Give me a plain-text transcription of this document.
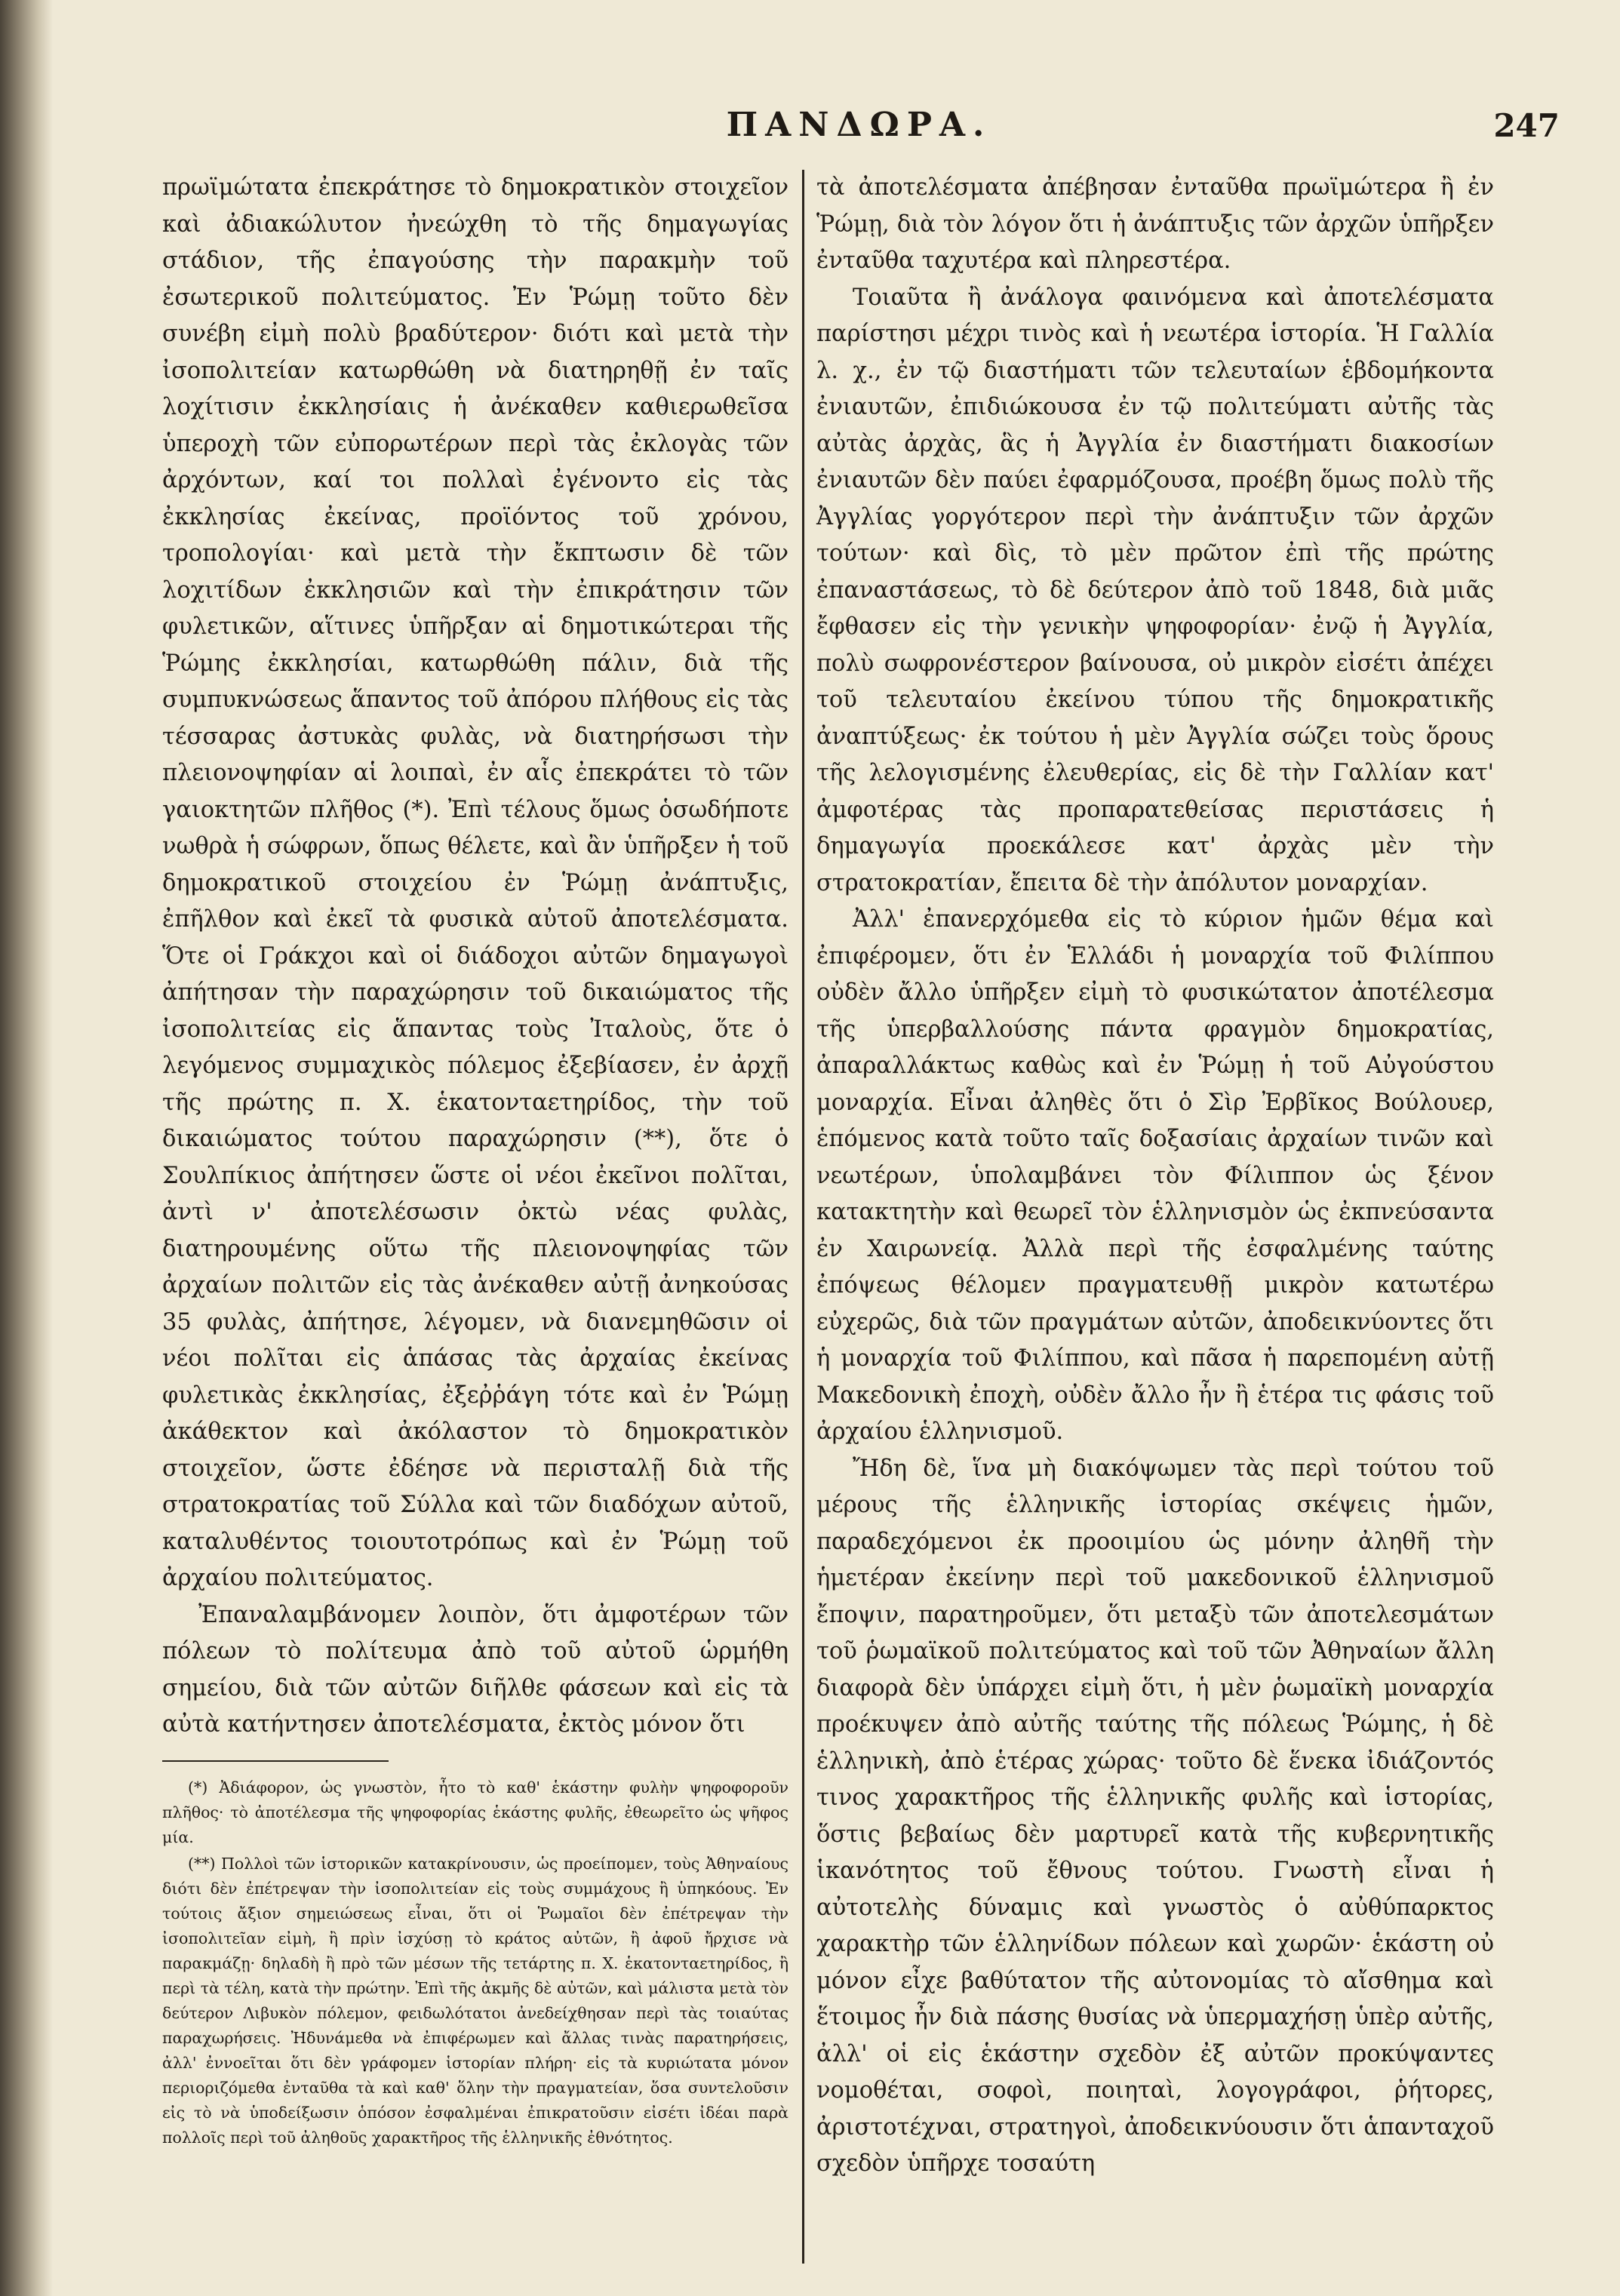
ΠΑΝΔΩΡΑ.	247

πρωϊμώτατα ἐπεκράτησε τὸ δημοκρατικὸν στοιχεῖον καὶ ἀδιακώλυτον ἠνεώχθη τὸ τῆς δημαγωγίας στάδιον, τῆς ἐπαγούσης τὴν παρακμὴν τοῦ ἐσωτερικοῦ πολιτεύματος. Ἐν Ῥώμῃ τοῦτο δὲν συνέβη εἰμὴ πολὺ βραδύτερον· διότι καὶ μετὰ τὴν ἰσοπολιτείαν κατωρθώθη νὰ διατηρηθῇ ἐν ταῖς λοχίτισιν ἐκκλησίαις ἡ ἀνέκαθεν καθιερωθεῖσα ὑπεροχὴ τῶν εὐπορωτέρων περὶ τὰς ἐκλογὰς τῶν ἀρχόντων, καί τοι πολλαὶ ἐγένοντο εἰς τὰς ἐκκλησίας ἐκείνας, προϊόντος τοῦ χρόνου, τροπολογίαι· καὶ μετὰ τὴν ἔκπτωσιν δὲ τῶν λοχιτίδων ἐκκλησιῶν καὶ τὴν ἐπικράτησιν τῶν φυλετικῶν, αἵτινες ὑπῆρξαν αἱ δημοτικώτεραι τῆς Ῥώμης ἐκκλησίαι, κατωρθώθη πάλιν, διὰ τῆς συμπυκνώσεως ἅπαντος τοῦ ἀπόρου πλήθους εἰς τὰς τέσσαρας ἀστυκὰς φυλὰς, νὰ διατηρήσωσι τὴν πλειονοψηφίαν αἱ λοιπαὶ, ἐν αἷς ἐπεκράτει τὸ τῶν γαιοκτητῶν πλῆθος (*). Ἐπὶ τέλους ὅμως ὁσωδήποτε νωθρὰ ἡ σώφρων, ὅπως θέλετε, καὶ ἂν ὑπῆρξεν ἡ τοῦ δημοκρατικοῦ στοιχείου ἐν Ῥώμῃ ἀνάπτυξις, ἐπῆλθον καὶ ἐκεῖ τὰ φυσικὰ αὐτοῦ ἀποτελέσματα. Ὅτε οἱ Γράκχοι καὶ οἱ διάδοχοι αὐτῶν δημαγωγοὶ ἀπήτησαν τὴν παραχώρησιν τοῦ δικαιώματος τῆς ἰσοπολιτείας εἰς ἅπαντας τοὺς Ἰταλοὺς, ὅτε ὁ λεγόμενος συμμαχικὸς πόλεμος ἐξεβίασεν, ἐν ἀρχῇ τῆς πρώτης π. Χ. ἑκατονταετηρίδος, τὴν τοῦ δικαιώματος τούτου παραχώρησιν (**), ὅτε ὁ Σουλπίκιος ἀπήτησεν ὥστε οἱ νέοι ἐκεῖνοι πολῖται, ἀντὶ ν' ἀποτελέσωσιν ὀκτὼ νέας φυλὰς, διατηρουμένης οὕτω τῆς πλειονοψηφίας τῶν ἀρχαίων πολιτῶν εἰς τὰς ἀνέκαθεν αὐτῇ ἀνηκούσας 35 φυλὰς, ἀπήτησε, λέγομεν, νὰ διανεμηθῶσιν οἱ νέοι πολῖται εἰς ἁπάσας τὰς ἀρχαίας ἐκείνας φυλετικὰς ἐκκλησίας, ἐξεῤῥάγη τότε καὶ ἐν Ῥώμῃ ἀκάθεκτον καὶ ἀκόλαστον τὸ δημοκρατικὸν στοιχεῖον, ὥστε ἐδέησε νὰ περισταλῇ διὰ τῆς στρατοκρατίας τοῦ Σύλλα καὶ τῶν διαδόχων αὐτοῦ, καταλυθέντος τοιουτοτρόπως καὶ ἐν Ῥώμῃ τοῦ ἀρχαίου πολιτεύματος.

Ἐπαναλαμβάνομεν λοιπὸν, ὅτι ἀμφοτέρων τῶν πόλεων τὸ πολίτευμα ἀπὸ τοῦ αὐτοῦ ὡρμήθη σημείου, διὰ τῶν αὐτῶν διῆλθε φάσεων καὶ εἰς τὰ αὐτὰ κατήντησεν ἀποτελέσματα, ἐκτὸς μόνον ὅτι

(*) Ἀδιάφορον, ὡς γνωστὸν, ἦτο τὸ καθ' ἑκάστην φυλὴν ψηφοφοροῦν πλῆθος· τὸ ἀποτέλεσμα τῆς ψηφοφορίας ἑκάστης φυλῆς, ἐθεωρεῖτο ὡς ψῆφος μία.

(**) Πολλοὶ τῶν ἱστορικῶν κατακρίνουσιν, ὡς προείπομεν, τοὺς Ἀθηναίους διότι δὲν ἐπέτρεψαν τὴν ἰσοπολιτείαν εἰς τοὺς συμμάχους ἢ ὑπηκόους. Ἐν τούτοις ἄξιον σημειώσεως εἶναι, ὅτι οἱ Ῥωμαῖοι δὲν ἐπέτρεψαν τὴν ἰσοπολιτεῖαν εἰμὴ, ἢ πρὶν ἰσχύσῃ τὸ κράτος αὐτῶν, ἢ ἀφοῦ ἤρχισε νὰ παρακμάζῃ· δηλαδὴ ἢ πρὸ τῶν μέσων τῆς τετάρτης π. Χ. ἑκατονταετηρίδος, ἢ περὶ τὰ τέλη, κατὰ τὴν πρώτην. Ἐπὶ τῆς ἀκμῆς δὲ αὐτῶν, καὶ μάλιστα μετὰ τὸν δεύτερον Λιβυκὸν πόλεμον, φειδωλότατοι ἀνεδείχθησαν περὶ τὰς τοιαύτας παραχωρήσεις. Ἠδυνάμεθα νὰ ἐπιφέρωμεν καὶ ἄλλας τινὰς παρατηρήσεις, ἀλλ' ἐννοεῖται ὅτι δὲν γράφομεν ἱστορίαν πλήρη· εἰς τὰ κυριώτατα μόνον περιοριζόμεθα ἐνταῦθα τὰ καὶ καθ' ὅλην τὴν πραγματείαν, ὅσα συντελοῦσιν εἰς τὸ νὰ ὑποδείξωσιν ὁπόσον ἐσφαλμέναι ἐπικρατοῦσιν εἰσέτι ἰδέαι παρὰ πολλοῖς περὶ τοῦ ἀληθοῦς χαρακτῆρος τῆς ἑλληνικῆς ἐθνότητος.

τὰ ἀποτελέσματα ἀπέβησαν ἐνταῦθα πρωϊμώτερα ἢ ἐν Ῥώμῃ, διὰ τὸν λόγον ὅτι ἡ ἀνάπτυξις τῶν ἀρχῶν ὑπῆρξεν ἐνταῦθα ταχυτέρα καὶ πληρεστέρα.

Τοιαῦτα ἢ ἀνάλογα φαινόμενα καὶ ἀποτελέσματα παρίστησι μέχρι τινὸς καὶ ἡ νεωτέρα ἱστορία. Ἡ Γαλλία λ. χ., ἐν τῷ διαστήματι τῶν τελευταίων ἑβδομήκοντα ἐνιαυτῶν, ἐπιδιώκουσα ἐν τῷ πολιτεύματι αὐτῆς τὰς αὐτὰς ἀρχὰς, ἃς ἡ Ἀγγλία ἐν διαστήματι διακοσίων ἐνιαυτῶν δὲν παύει ἐφαρμόζουσα, προέβη ὅμως πολὺ τῆς Ἀγγλίας γοργότερον περὶ τὴν ἀνάπτυξιν τῶν ἀρχῶν τούτων· καὶ δὶς, τὸ μὲν πρῶτον ἐπὶ τῆς πρώτης ἐπαναστάσεως, τὸ δὲ δεύτερον ἀπὸ τοῦ 1848, διὰ μιᾶς ἔφθασεν εἰς τὴν γενικὴν ψηφοφορίαν· ἐνῷ ἡ Ἀγγλία, πολὺ σωφρονέστερον βαίνουσα, οὐ μικρὸν εἰσέτι ἀπέχει τοῦ τελευταίου ἐκείνου τύπου τῆς δημοκρατικῆς ἀναπτύξεως· ἐκ τούτου ἡ μὲν Ἀγγλία σώζει τοὺς ὅρους τῆς λελογισμένης ἐλευθερίας, εἰς δὲ τὴν Γαλλίαν κατ' ἀμφοτέρας τὰς προπαρατεθείσας περιστάσεις ἡ δημαγωγία προεκάλεσε κατ' ἀρχὰς μὲν τὴν στρατοκρατίαν, ἔπειτα δὲ τὴν ἀπόλυτον μοναρχίαν.

Ἀλλ' ἐπανερχόμεθα εἰς τὸ κύριον ἡμῶν θέμα καὶ ἐπιφέρομεν, ὅτι ἐν Ἑλλάδι ἡ μοναρχία τοῦ Φιλίππου οὐδὲν ἄλλο ὑπῆρξεν εἰμὴ τὸ φυσικώτατον ἀποτέλεσμα τῆς ὑπερβαλλούσης πάντα φραγμὸν δημοκρατίας, ἀπαραλλάκτως καθὼς καὶ ἐν Ῥώμῃ ἡ τοῦ Αὐγούστου μοναρχία. Εἶναι ἀληθὲς ὅτι ὁ Σὶρ Ἐρβῖκος Βούλουερ, ἑπόμενος κατὰ τοῦτο ταῖς δοξασίαις ἀρχαίων τινῶν καὶ νεωτέρων, ὑπολαμβάνει τὸν Φίλιππον ὡς ξένον κατακτητὴν καὶ θεωρεῖ τὸν ἑλληνισμὸν ὡς ἐκπνεύσαντα ἐν Χαιρωνείᾳ. Ἀλλὰ περὶ τῆς ἐσφαλμένης ταύτης ἐπόψεως θέλομεν πραγματευθῇ μικρὸν κατωτέρω εὐχερῶς, διὰ τῶν πραγμάτων αὐτῶν, ἀποδεικνύοντες ὅτι ἡ μοναρχία τοῦ Φιλίππου, καὶ πᾶσα ἡ παρεπομένη αὐτῇ Μακεδονικὴ ἐποχὴ, οὐδὲν ἄλλο ἦν ἢ ἑτέρα τις φάσις τοῦ ἀρχαίου ἑλληνισμοῦ.

Ἤδη δὲ, ἵνα μὴ διακόψωμεν τὰς περὶ τούτου τοῦ μέρους τῆς ἑλληνικῆς ἱστορίας σκέψεις ἡμῶν, παραδεχόμενοι ἐκ προοιμίου ὡς μόνην ἀληθῆ τὴν ἡμετέραν ἐκείνην περὶ τοῦ μακεδονικοῦ ἑλληνισμοῦ ἔποψιν, παρατηροῦμεν, ὅτι μεταξὺ τῶν ἀποτελεσμάτων τοῦ ῥωμαϊκοῦ πολιτεύματος καὶ τοῦ τῶν Ἀθηναίων ἄλλη διαφορὰ δὲν ὑπάρχει εἰμὴ ὅτι, ἡ μὲν ῥωμαϊκὴ μοναρχία προέκυψεν ἀπὸ αὐτῆς ταύτης τῆς πόλεως Ῥώμης, ἡ δὲ ἑλληνικὴ, ἀπὸ ἑτέρας χώρας· τοῦτο δὲ ἕνεκα ἰδιάζοντός τινος χαρακτῆρος τῆς ἑλληνικῆς φυλῆς καὶ ἱστορίας, ὅστις βεβαίως δὲν μαρτυρεῖ κατὰ τῆς κυβερνητικῆς ἱκανότητος τοῦ ἔθνους τούτου. Γνωστὴ εἶναι ἡ αὐτοτελὴς δύναμις καὶ γνωστὸς ὁ αὐθύπαρκτος χαρακτὴρ τῶν ἑλληνίδων πόλεων καὶ χωρῶν· ἑκάστη οὐ μόνον εἶχε βαθύτατον τῆς αὐτονομίας τὸ αἴσθημα καὶ ἕτοιμος ἦν διὰ πάσης θυσίας νὰ ὑπερμαχήσῃ ὑπὲρ αὐτῆς, ἀλλ' οἱ εἰς ἑκάστην σχεδὸν ἐξ αὐτῶν προκύψαντες νομοθέται, σοφοὶ, ποιηταὶ, λογογράφοι, ῥήτορες, ἀριστοτέχναι, στρατηγοὶ, ἀποδεικνύουσιν ὅτι ἁπανταχοῦ σχεδὸν ὑπῆρχε τοσαύτη
